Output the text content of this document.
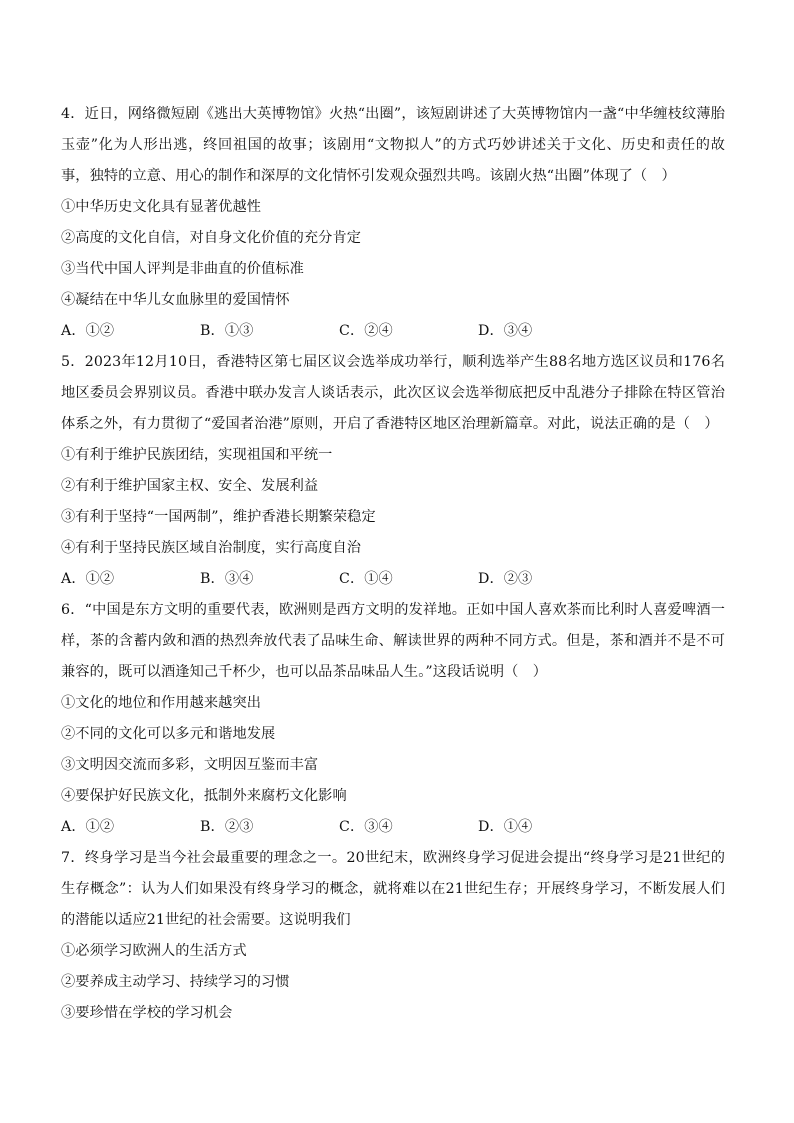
4．近日，网络微短剧《逃出大英博物馆》火热“出圈”，该短剧讲述了大英博物馆内一盏“中华缠枝纹薄胎玉壶”化为人形出逃，终回祖国的故事；该剧用“文物拟人”的方式巧妙讲述关于文化、历史和责任的故事，独特的立意、用心的制作和深厚的文化情怀引发观众强烈共鸣。该剧火热“出圈”体现了（　）

①中华历史文化具有显著优越性

②高度的文化自信，对自身文化价值的充分肯定

③当代中国人评判是非曲直的价值标准

④凝结在中华儿女血脉里的爱国情怀

A．①②	B．①③	C．②④	D．③④

5．2023年12月10日，香港特区第七届区议会选举成功举行，顺利选举产生88名地方选区议员和176名地区委员会界别议员。香港中联办发言人谈话表示，此次区议会选举彻底把反中乱港分子排除在特区管治体系之外，有力贯彻了“爱国者治港”原则，开启了香港特区地区治理新篇章。对此，说法正确的是（　）

①有利于维护民族团结，实现祖国和平统一

②有利于维护国家主权、安全、发展利益

③有利于坚持“一国两制”，维护香港长期繁荣稳定

④有利于坚持民族区域自治制度，实行高度自治

A．①②	B．③④	C．①④	D．②③

6．“中国是东方文明的重要代表，欧洲则是西方文明的发祥地。正如中国人喜欢茶而比利时人喜爱啤酒一样，茶的含蓄内敛和酒的热烈奔放代表了品味生命、解读世界的两种不同方式。但是，茶和酒并不是不可兼容的，既可以酒逢知己千杯少，也可以品茶品味品人生。”这段话说明（　）

①文化的地位和作用越来越突出

②不同的文化可以多元和谐地发展

③文明因交流而多彩，文明因互鉴而丰富

④要保护好民族文化，抵制外来腐朽文化影响

A．①②	B．②③	C．③④	D．①④

7．终身学习是当今社会最重要的理念之一。20世纪末，欧洲终身学习促进会提出“终身学习是21世纪的生存概念”：认为人们如果没有终身学习的概念，就将难以在21世纪生存；开展终身学习，不断发展人们的潜能以适应21世纪的社会需要。这说明我们

①必须学习欧洲人的生活方式

②要养成主动学习、持续学习的习惯

③要珍惜在学校的学习机会
